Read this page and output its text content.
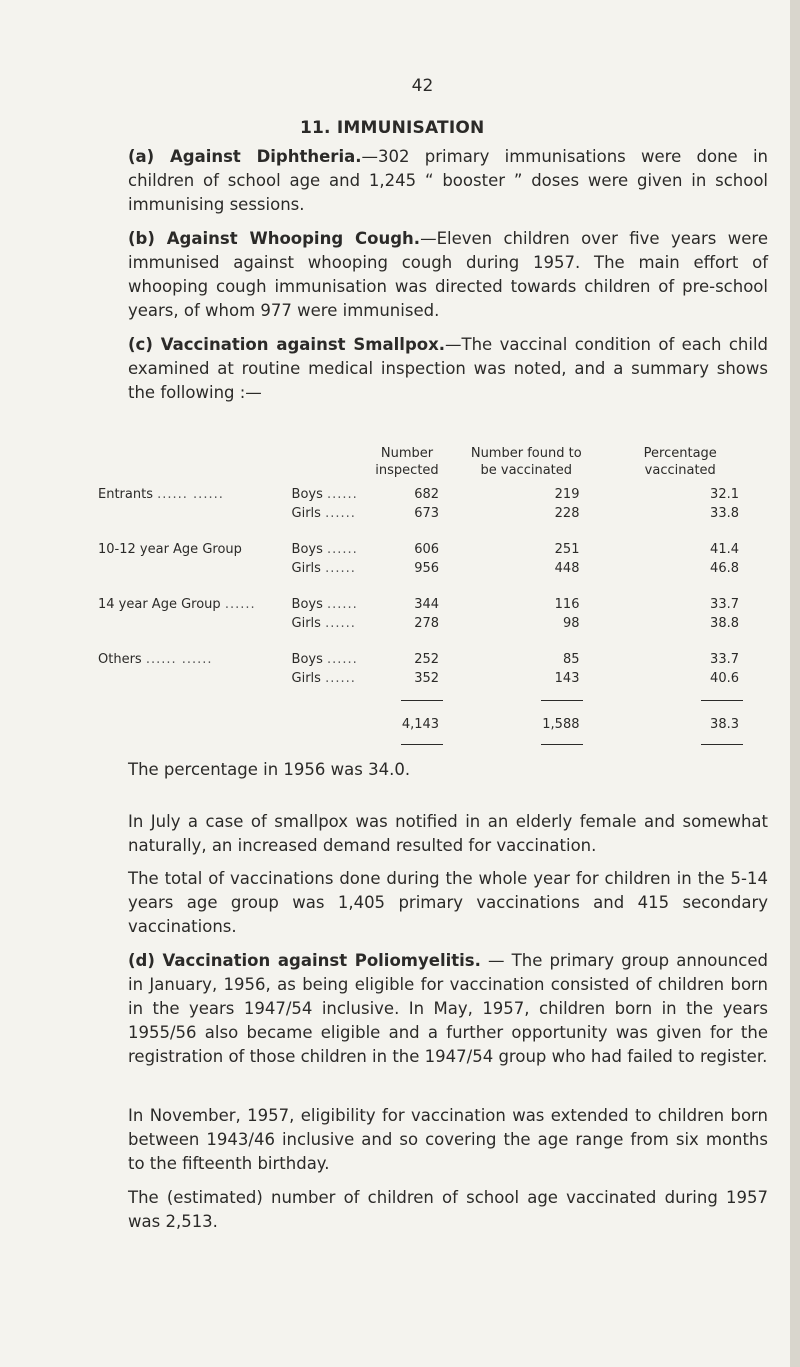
42
11. IMMUNISATION

(a) Against Diphtheria.—302 primary immunisations were done in children of school age and 1,245 “ booster ” doses were given in school immunising sessions.

(b) Against Whooping Cough.—Eleven children over five years were immunised against whooping cough during 1957. The main effort of whooping cough immunisation was directed towards children of pre-school years, of whom 977 were immunised.

(c) Vaccination against Smallpox.—The vaccinal condition of each child examined at routine medical inspection was noted, and a summary shows the following :—

		Number inspected	Number found to be vaccinated	Percentage vaccinated
Entrants ...... ......	Boys ......	682	219	32.1
	Girls ......	673	228	33.8

10-12 year Age Group	Boys ......	606	251	41.4
	Girls ......	956	448	46.8

14 year Age Group ......	Boys ......	344	116	33.7
	Girls ......	278	98	38.8

Others ...... ......	Boys ......	252	85	33.7
	Girls ......	352	143	40.6

		4,143	1,588	38.3

The percentage in 1956 was 34.0.

In July a case of smallpox was notified in an elderly female and somewhat naturally, an increased demand resulted for vaccination.

The total of vaccinations done during the whole year for children in the 5-14 years age group was 1,405 primary vaccinations and 415 secondary vaccinations.

(d) Vaccination against Poliomyelitis. — The primary group announced in January, 1956, as being eligible for vaccination consisted of children born in the years 1947/54 inclusive. In May, 1957, children born in the years 1955/56 also became eligible and a further opportunity was given for the registration of those children in the 1947/54 group who had failed to register.

In November, 1957, eligibility for vaccination was extended to children born between 1943/46 inclusive and so covering the age range from six months to the fifteenth birthday.

The (estimated) number of children of school age vaccinated during 1957 was 2,513.
